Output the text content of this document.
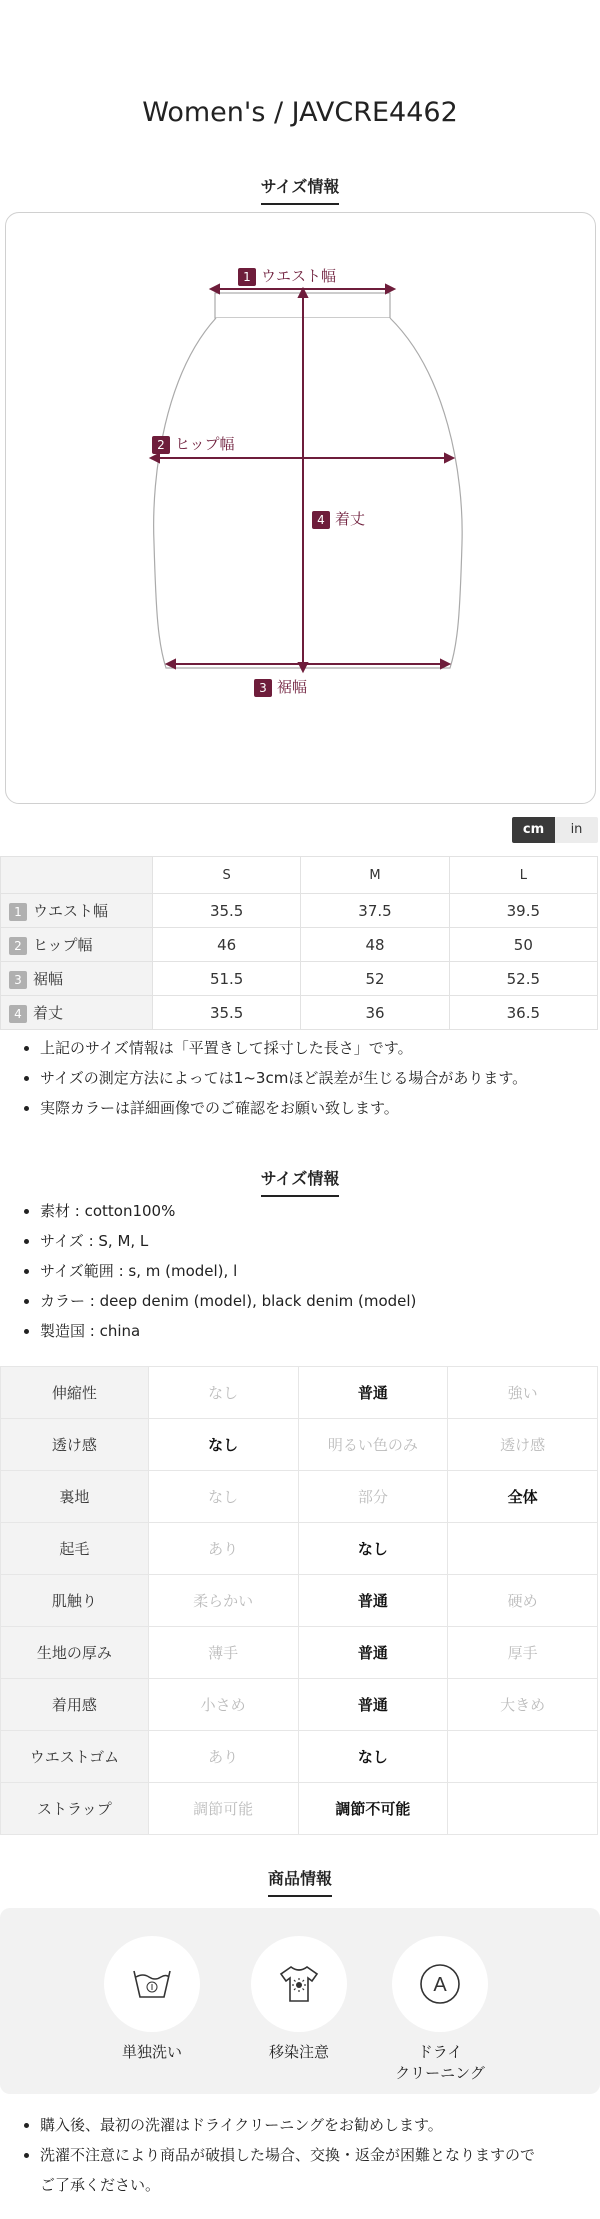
Women's / JAVCRE4462
サイズ情報
1 ウエスト幅
2 ヒップ幅
3 裾幅
4 着丈
cm	in
	S	M	L
1 ウエスト幅	35.5	37.5	39.5
2 ヒップ幅	46	48	50
3 裾幅	51.5	52	52.5
4 着丈	35.5	36	36.5
• 上記のサイズ情報は「平置きして採寸した長さ」です。
• サイズの測定方法によっては1~3cmほど誤差が生じる場合があります。
• 実際カラーは詳細画像でのご確認をお願い致します。
サイズ情報
• 素材 : cotton100%
• サイズ : S, M, L
• サイズ範囲 : s, m (model), l
• カラー : deep denim (model), black denim (model)
• 製造国 : china
伸縮性	なし	普通	強い
透け感	なし	明るい色のみ	透け感
裏地	なし	部分	全体
起毛	あり	なし	
肌触り	柔らかい	普通	硬め
生地の厚み	薄手	普通	厚手
着用感	小さめ	普通	大きめ
ウエストゴム	あり	なし	
ストラップ	調節可能	調節不可能	
商品情報
単独洗い	移染注意
A
ドライ
クリーニング
• 購入後、最初の洗濯はドライクリーニングをお勧めします。
• 洗濯不注意により商品が破損した場合、交換・返金が困難となりますので
ご了承ください。
